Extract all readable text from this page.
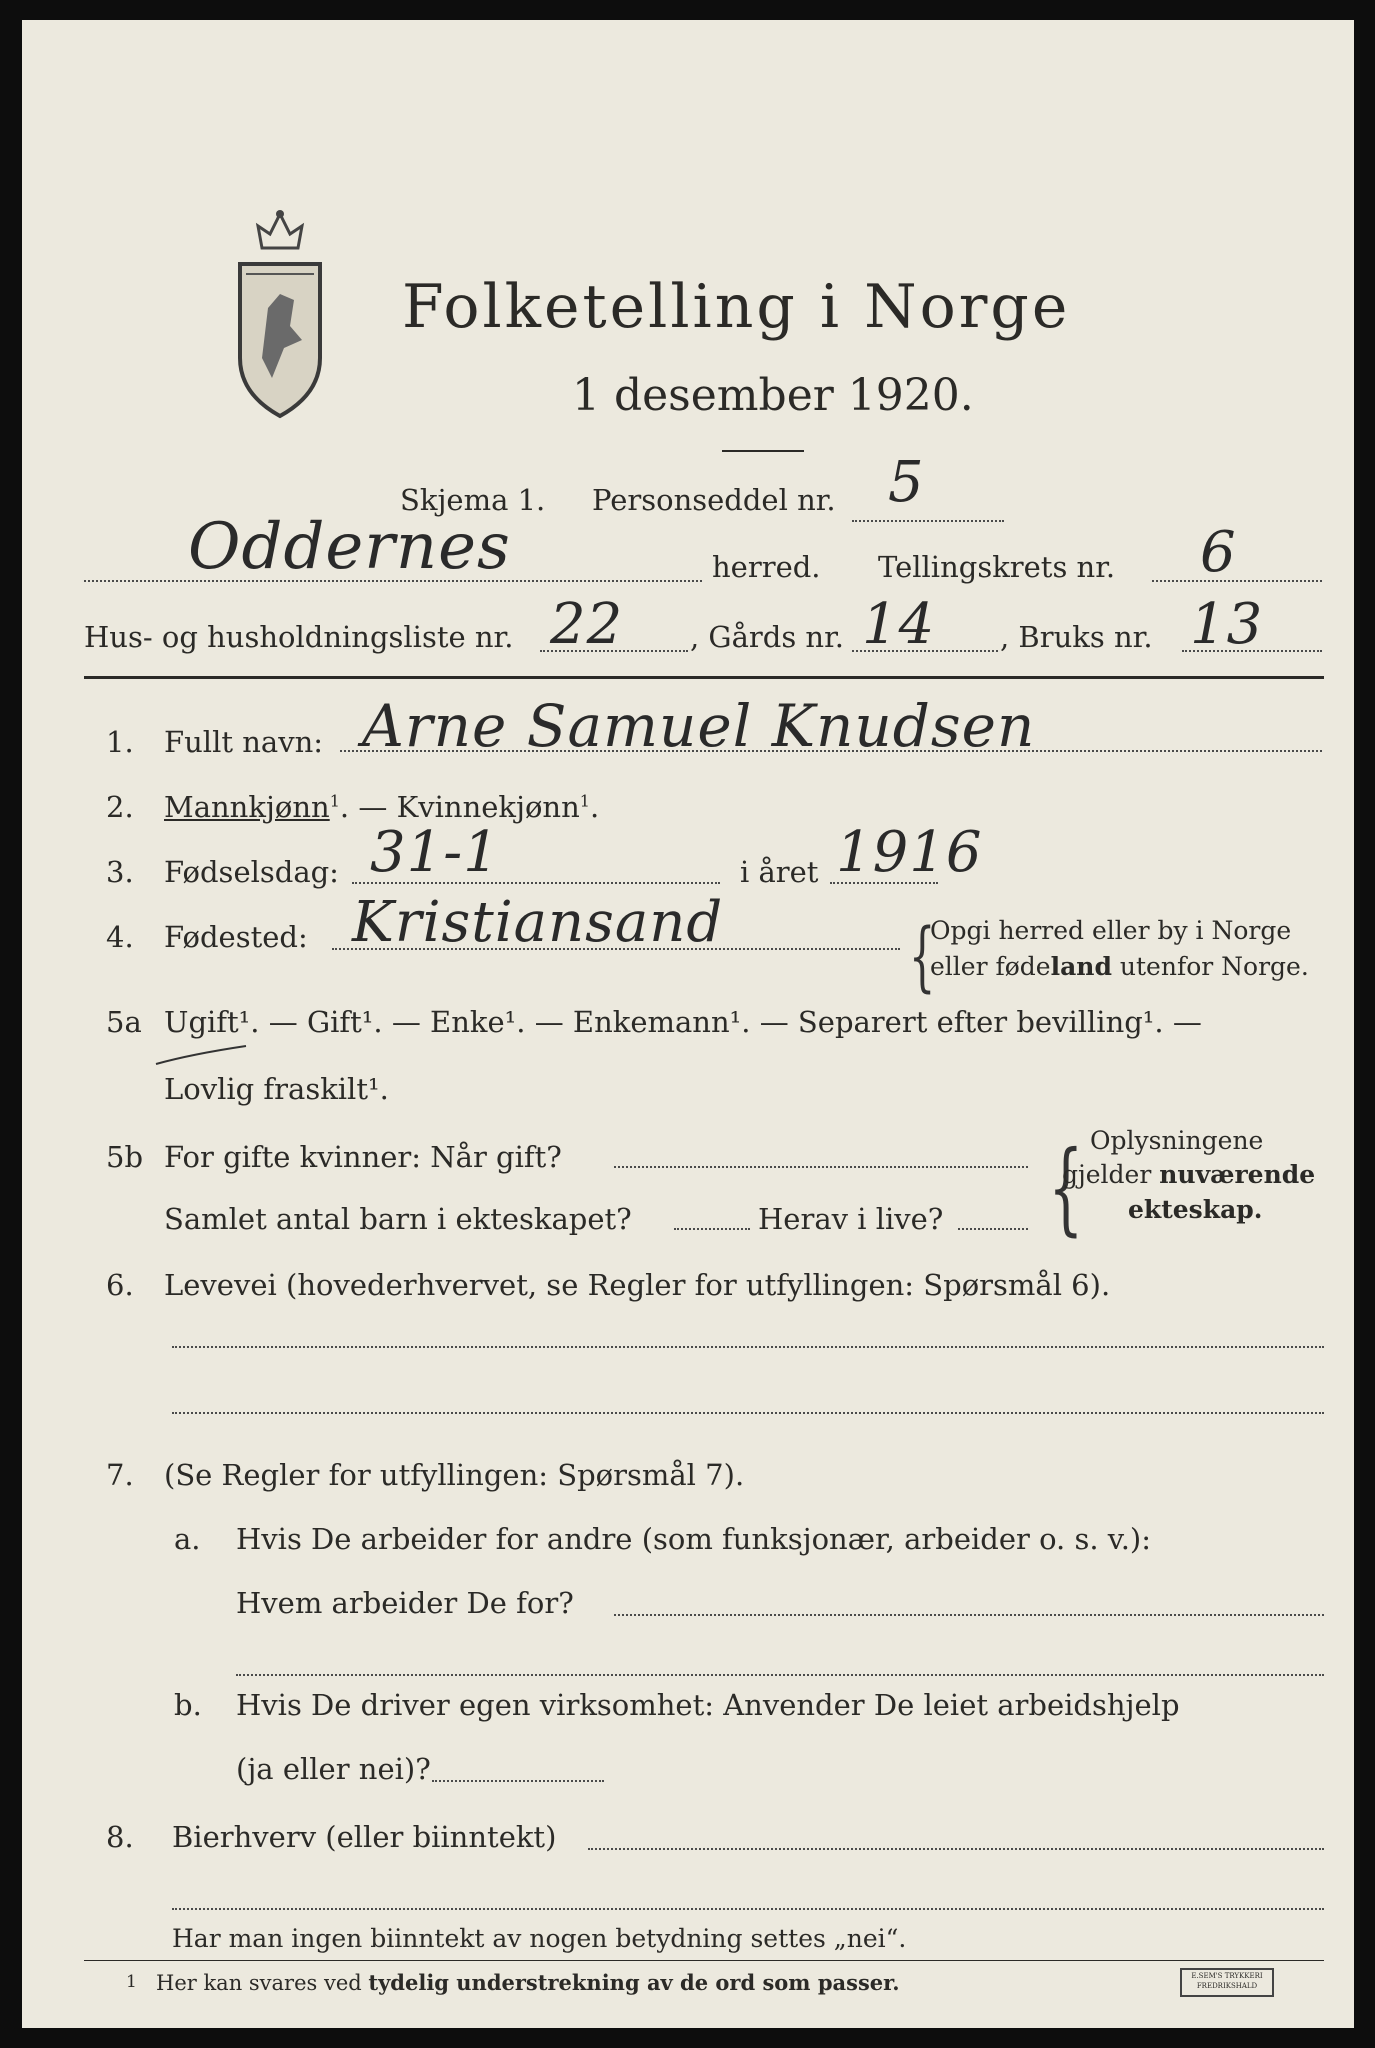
Folketelling i Norge
1 desember 1920.
Skjema 1. Personseddel nr. 5
Oddernes	herred. Tellingskrets nr. 6
Hus- og husholdningsliste nr. 22 , Gårds nr. 14 , Bruks nr. 13
1. Fullt navn: Arne Samuel Knudsen
2. Mannkjønn$^1$. — Kvinnekjønn$^1$.
3. Fødselsdag: 31-1	i året 1916
4. Fødested: Kristiansand {
Opgi herred eller by i Norge
eller fødeland utenfor Norge.
5a Ugift¹. — Gift¹. — Enke¹. — Enkemann¹. — Separert efter bevilling¹. —
Lovlig fraskilt¹.
5b For gifte kvinner: Når gift?
Samlet antal barn i ekteskapet?	Herav i live? { Oplysningene
gjelder nuværende
ekteskap.
6. Levevei (hovederhvervet, se Regler for utfyllingen: Spørsmål 6).
7. (Se Regler for utfyllingen: Spørsmål 7).
a. Hvis De arbeider for andre (som funksjonær, arbeider o. s. v.):
Hvem arbeider De for?
b. Hvis De driver egen virksomhet: Anvender De leiet arbeidshjelp
(ja eller nei)?
8. Bierhverv (eller biinntekt)
Har man ingen biinntekt av nogen betydning settes „nei“.
1 Her kan svares ved tydelig understrekning av de ord som passer.	E.SEM'S TRYKKERI
FREDRIKSHALD
